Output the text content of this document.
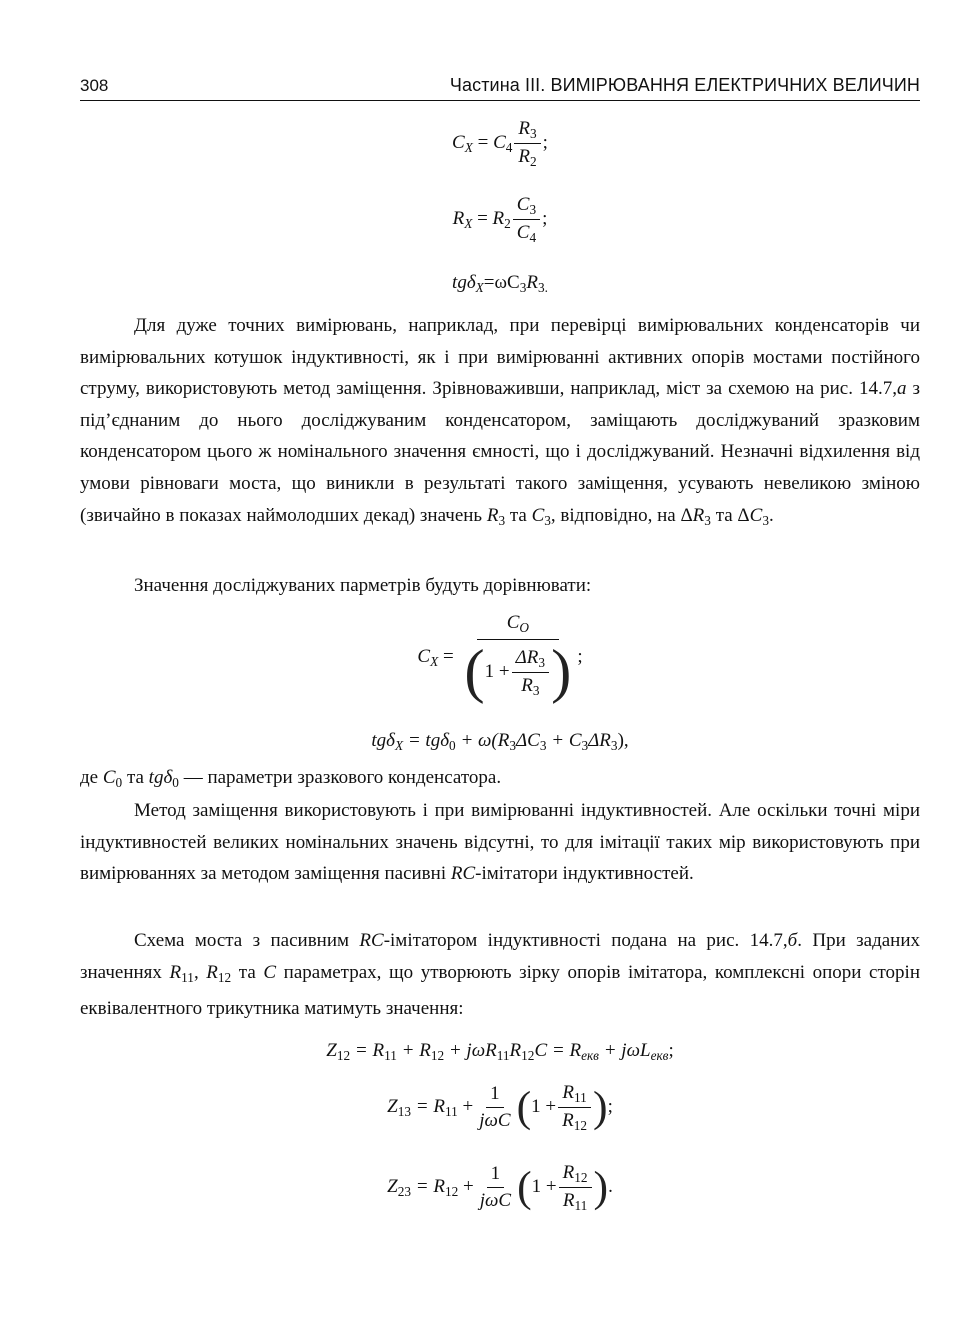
308	Частина III. ВИМІРЮВАННЯ ЕЛЕКТРИЧНИХ ВЕЛИЧИН
$C_X = C_4 \frac{R_3}{R_2}$ ;
$R_X = R_2 \frac{C_3}{C_4}$ ;
$tg\delta_X=\omega C_3R_{3.}$

Для дуже точних вимірювань, наприклад, при перевірці вимірювальних конденсаторів чи вимірювальних котушок індуктивності, як і при вимірюванні активних опорів мостами постійного струму, використовують метод заміщення. Зрівноваживши, наприклад, міст за схемою на рис. 14.7,а з під’єднаним до нього досліджуваним конденсатором, заміщають досліджуваний зразковим конденсатором цього ж номінального значення ємності, що і досліджуваний. Незначні відхилення від умови рівноваги моста, що виникли в результаті такого заміщення, усувають невеликою зміною (звичайно в показах наймолодших декад) значень $R_3$ та $C_3$, відповідно, на $\Delta R_3$ та $\Delta C_3$.

Значення досліджуваних парметрів будуть дорівнювати:

$C_X = \frac{C_O}{(1 + \frac{\Delta R_3}{R_3} )}$ ;
$tg\delta_X = tg\delta_0 + \omega(R_3\Delta C_3 + C_3\Delta R_3)$,

де $C_0$ та tgδ$_0$ — параметри зразкового конденсатора.

Метод заміщення використовують і при вимірюванні індуктивностей. Але оскільки точні міри індуктивностей великих номінальних значень відсутні, то для імітації таких мір використовують при вимірюваннях за методом заміщення пасивні RC-імітатори індуктивностей.

Схема моста з пасивним RC-імітатором індуктивності подана на рис. 14.7,б. При заданих значеннях $R_{11}$, $R_{12}$ та C параметрах, що утворюють зірку опорів імітатора, комплексні опори сторін еквівалентного трикутника матимуть значення:

$Z_{12} = R_{11} + R_{12} + j\omega R_{11}R_{12}C = R_{екв} + j\omega L_{екв}$;
$Z_{13} = R_{11} + \frac{1}{\text{jωC}} (1 + \frac{R_{11}}{R_{12}}$ );
$Z_{23} = R_{12} + \frac{1}{\text{jωC}} (1 + \frac{R_{12}}{R_{11}}$ ).
